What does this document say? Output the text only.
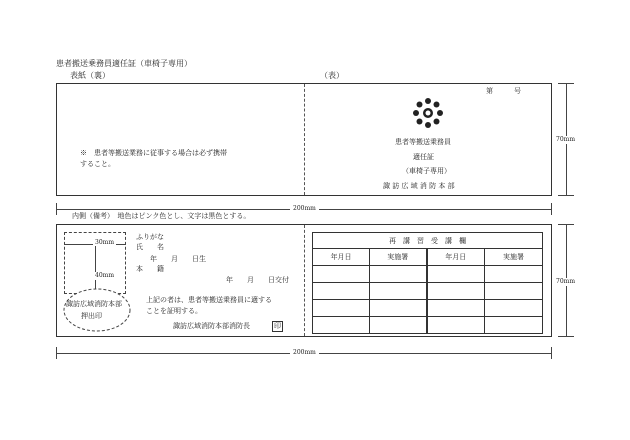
患者搬送乗務員適任証（車椅子専用）
表紙（裏）	（表）
※　患者等搬送業務に従事する場合は必ず携帯すること。
第　　　号
患者等搬送乗務員
適任証
（車椅子専用）
諏 訪 広 域 消 防 本 部
70mm
200mm
内側（備考）　地色はピンク色とし、文字は黒色とする。
30mm
40mm
諏訪広域消防本部
押出印
ふりがな
氏　　名
年　　月　　日生
本　　籍
年　　月　　日交付
上記の者は、患者等搬送乗務員に適する
ことを証明する。
諏訪広域消防本部消防長	印
再　講　習　受　講　欄			
年月日	実施署	年月日	実施署

70mm
200mm
